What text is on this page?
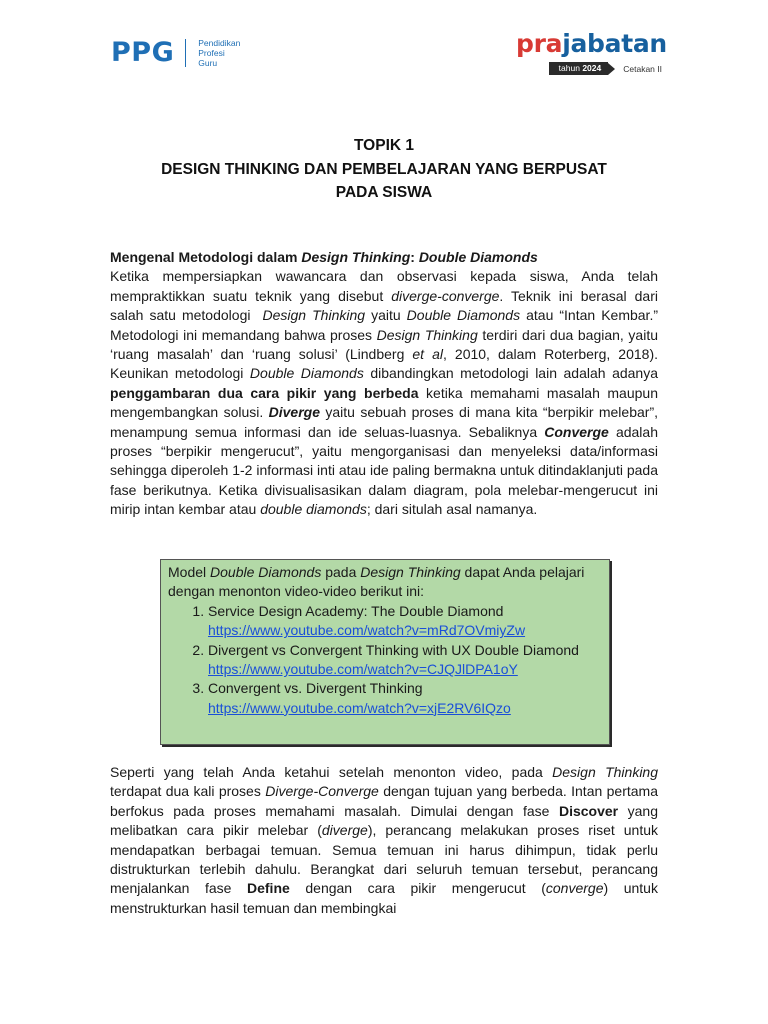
PPG	Pendidikan
Profesi
Guru
prajabatan
tahun 2024	Cetakan II
TOPIK 1
DESIGN THINKING DAN PEMBELAJARAN YANG BERPUSAT
PADA SISWA
Mengenal Metodologi dalam Design Thinking: Double Diamonds

Ketika mempersiapkan wawancara dan observasi kepada siswa, Anda telah mempraktikkan suatu teknik yang disebut diverge-converge. Teknik ini berasal dari salah satu metodologi  Design Thinking yaitu Double Diamonds atau “Intan Kembar.” Metodologi ini memandang bahwa proses Design Thinking terdiri dari dua bagian, yaitu ‘ruang masalah’ dan ‘ruang solusi’ (Lindberg et al, 2010, dalam Roterberg, 2018). Keunikan metodologi Double Diamonds dibandingkan metodologi lain adalah adanya penggambaran dua cara pikir yang berbeda ketika memahami masalah maupun mengembangkan solusi. Diverge yaitu sebuah proses di mana kita “berpikir melebar”, menampung semua informasi dan ide seluas-luasnya. Sebaliknya Converge adalah proses “berpikir mengerucut”, yaitu mengorganisasi dan menyeleksi data/informasi sehingga diperoleh 1-2 informasi inti atau ide paling bermakna untuk ditindaklanjuti pada fase berikutnya. Ketika divisualisasikan dalam diagram, pola melebar-mengerucut ini mirip intan kembar atau double diamonds; dari situlah asal namanya.

Model Double Diamonds pada Design Thinking dapat Anda pelajari dengan menonton video-video berikut ini:
1. Service Design Academy: The Double Diamond
https://www.youtube.com/watch?v=mRd7OVmiyZw
2. Divergent vs Convergent Thinking with UX Double Diamond
https://www.youtube.com/watch?v=CJQJlDPA1oY
3. Convergent vs. Divergent Thinking
https://www.youtube.com/watch?v=xjE2RV6IQzo

Seperti yang telah Anda ketahui setelah menonton video, pada Design Thinking terdapat dua kali proses Diverge-Converge dengan tujuan yang berbeda. Intan pertama berfokus pada proses memahami masalah. Dimulai dengan fase Discover yang melibatkan cara pikir melebar (diverge), perancang melakukan proses riset untuk mendapatkan berbagai temuan. Semua temuan ini harus dihimpun, tidak perlu distrukturkan terlebih dahulu. Berangkat dari seluruh temuan tersebut, perancang menjalankan fase Define dengan cara pikir mengerucut (converge) untuk menstrukturkan hasil temuan dan membingkai
